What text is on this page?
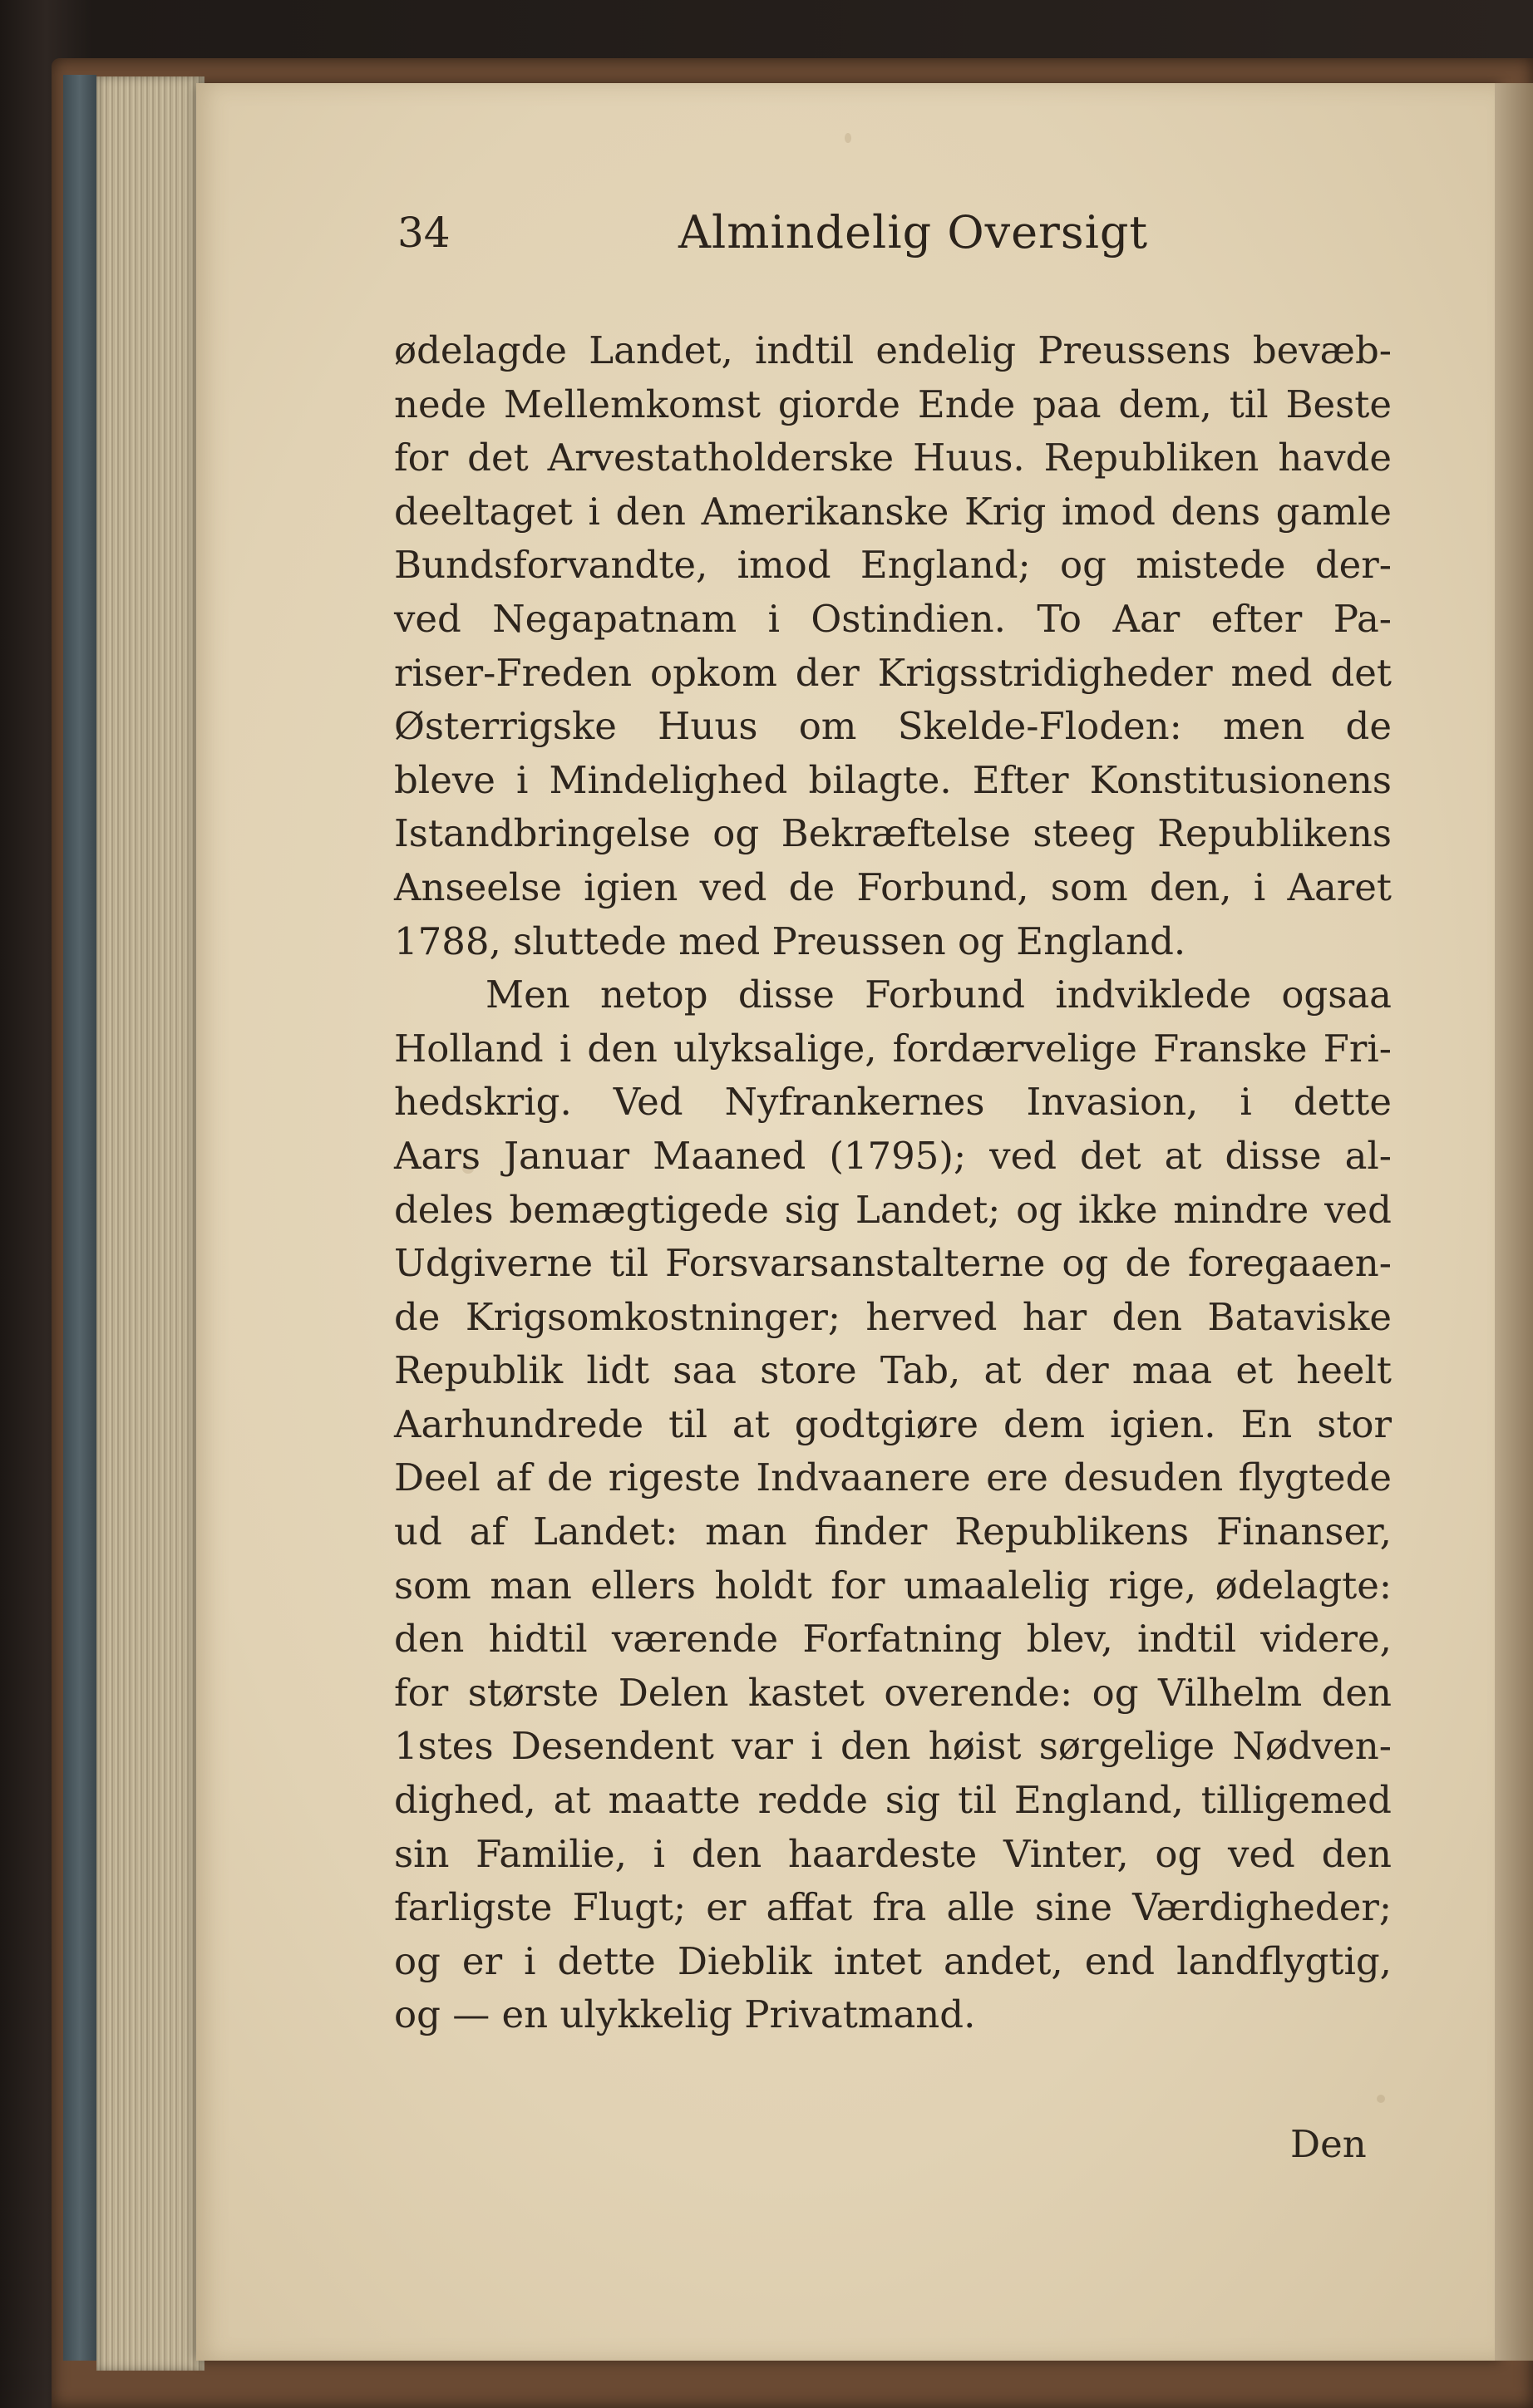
34	Almindelig Oversigt
ødelagde Landet, indtil endelig Preussens bevæb-
nede Mellemkomst giorde Ende paa dem, til Beste
for det Arvestatholderske Huus. Republiken havde
deeltaget i den Amerikanske Krig imod dens gamle
Bundsforvandte, imod England; og mistede der-
ved Negapatnam i Ostindien. To Aar efter Pa-
riser-Freden opkom der Krigsstridigheder med det
Østerrigske Huus om Skelde-Floden: men de
bleve i Mindelighed bilagte. Efter Konstitusionens
Istandbringelse og Bekræftelse steeg Republikens
Anseelse igien ved de Forbund, som den, i Aaret
1788, sluttede med Preussen og England.
Men netop disse Forbund indviklede ogsaa
Holland i den ulyksalige, fordærvelige Franske Fri-
hedskrig. Ved Nyfrankernes Invasion, i dette
Aars Januar Maaned (1795); ved det at disse al-
deles bemægtigede sig Landet; og ikke mindre ved
Udgiverne til Forsvarsanstalterne og de foregaaen-
de Krigsomkostninger; herved har den Bataviske
Republik lidt saa store Tab, at der maa et heelt
Aarhundrede til at godtgiøre dem igien. En stor
Deel af de rigeste Indvaanere ere desuden flygtede
ud af Landet: man finder Republikens Finanser,
som man ellers holdt for umaalelig rige, ødelagte:
den hidtil værende Forfatning blev, indtil videre,
for største Delen kastet overende: og Vilhelm den
1stes Desendent var i den høist sørgelige Nødven-
dighed, at maatte redde sig til England, tilligemed
sin Familie, i den haardeste Vinter, og ved den
farligste Flugt; er affat fra alle sine Værdigheder;
og er i dette Dieblik intet andet, end landflygtig,
og — en ulykkelig Privatmand.
Den
